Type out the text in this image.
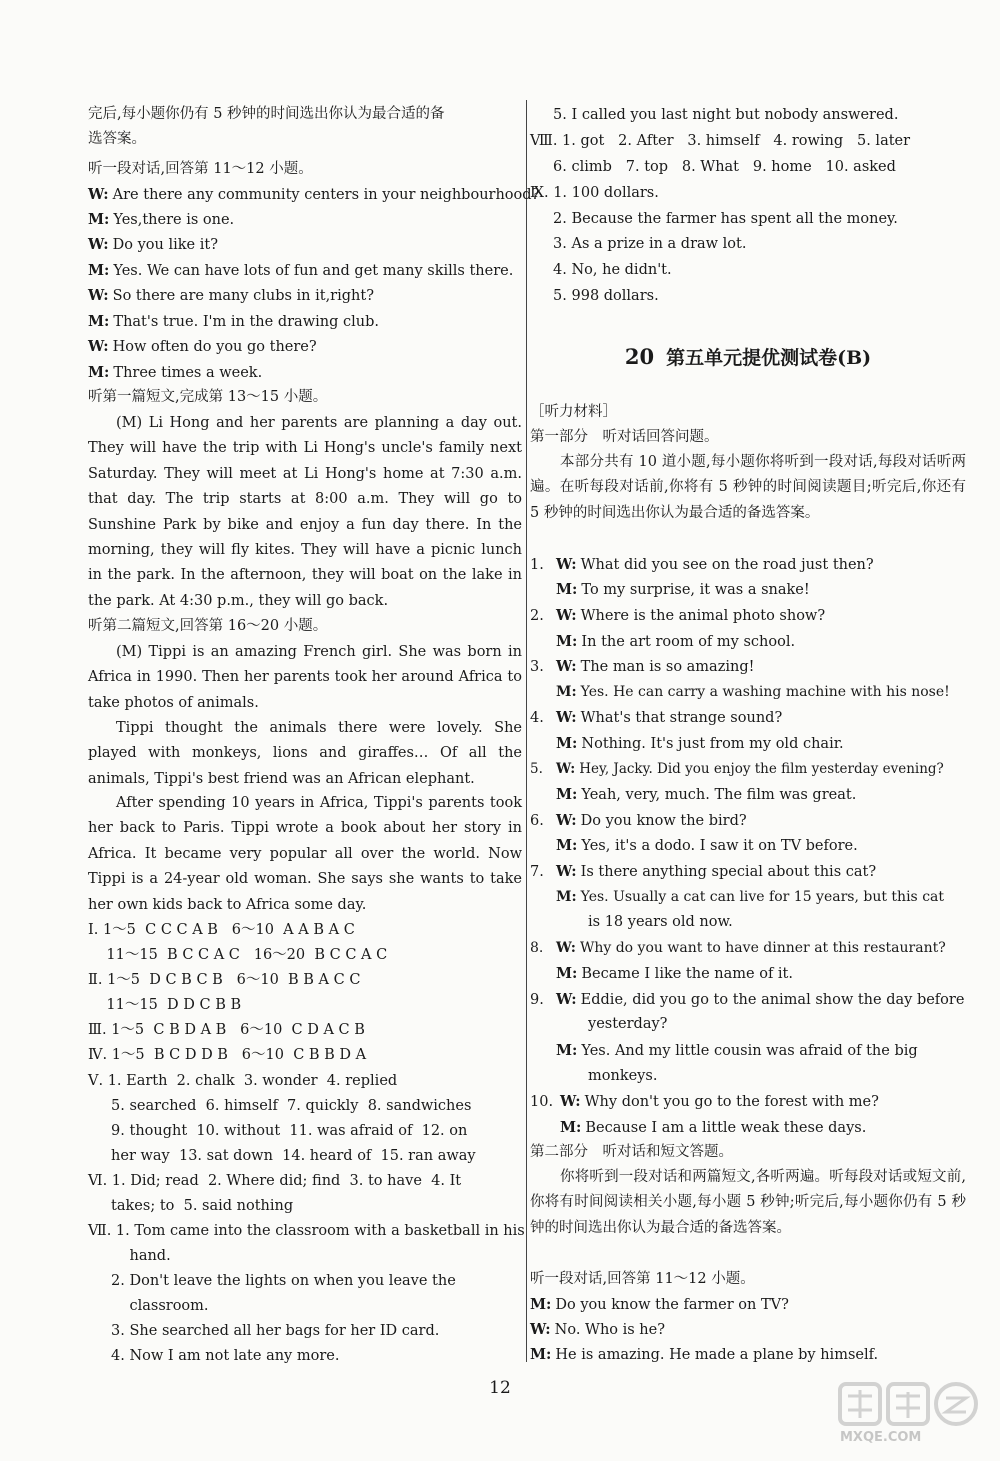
完后,每小题你仍有 5 秒钟的时间选出你认为最合适的备
选答案。
听一段对话,回答第 11～12 小题。
W: Are there any community centers in your neighbourhood?
M: Yes,there is one.
W: Do you like it?
M: Yes. We can have lots of fun and get many skills there.
W: So there are many clubs in it,right?
M: That's true. I'm in the drawing club.
W: How often do you go there?
M: Three times a week.
听第一篇短文,完成第 13～15 小题。
(M) Li Hong and her parents are planning a day out. They will have the trip with Li Hong's uncle's family next Saturday. They will meet at Li Hong's home at 7:30 a.m. that day. The trip starts at 8:00 a.m. They will go to Sunshine Park by bike and enjoy a fun day there. In the morning, they will fly kites. They will have a picnic lunch in the park. In the afternoon, they will boat on the lake in the park. At 4:30 p.m., they will go back.
听第二篇短文,回答第 16～20 小题。
(M) Tippi is an amazing French girl. She was born in Africa in 1990. Then her parents took her around Africa to take photos of animals.
Tippi thought the animals there were lovely. She played with monkeys, lions and giraffes… Of all the animals, Tippi's best friend was an African elephant.
After spending 10 years in Africa, Tippi's parents took her back to Paris. Tippi wrote a book about her story in Africa. It became very popular all over the world. Now Tippi is a 24-year old woman. She says she wants to take her own kids back to Africa some day.
Ⅰ. 1～5  C C C A B   6～10  A A B A C
11～15  B C C A C   16～20  B C C A C
Ⅱ. 1～5  D C B C B   6～10  B B A C C
11～15  D D C B B
Ⅲ. 1～5  C B D A B   6～10  C D A C B
Ⅳ. 1～5  B C D D B   6～10  C B B D A
Ⅴ. 1. Earth  2. chalk  3. wonder  4. replied
5. searched  6. himself  7. quickly  8. sandwiches
9. thought  10. without  11. was afraid of  12. on
her way  13. sat down  14. heard of  15. ran away
Ⅵ. 1. Did; read  2. Where did; find  3. to have  4. It
takes; to  5. said nothing
Ⅶ. 1. Tom came into the classroom with a basketball in his
hand.
2. Don't leave the lights on when you leave the
classroom.
3. She searched all her bags for her ID card.
4. Now I am not late any more.
5. I called you last night but nobody answered.
Ⅷ. 1. got   2. After   3. himself   4. rowing   5. later
6. climb   7. top   8. What   9. home   10. asked
Ⅸ. 1. 100 dollars.
2. Because the farmer has spent all the money.
3. As a prize in a draw lot.
4. No, he didn't.
5. 998 dollars.
20 第五单元提优测试卷(B)
［听力材料］
第一部分　听对话回答问题。
本部分共有 10 道小题,每小题你将听到一段对话,每段对话听两遍。在听每段对话前,你将有 5 秒钟的时间阅读题目;听完后,你还有 5 秒钟的时间选出你认为最合适的备选答案。
1. W: What did you see on the road just then?
M: To my surprise, it was a snake!
2. W: Where is the animal photo show?
M: In the art room of my school.
3. W: The man is so amazing!
M: Yes. He can carry a washing machine with his nose!
4. W: What's that strange sound?
M: Nothing. It's just from my old chair.
5. W: Hey, Jacky. Did you enjoy the film yesterday evening?
M: Yeah, very, much. The film was great.
6. W: Do you know the bird?
M: Yes, it's a dodo. I saw it on TV before.
7. W: Is there anything special about this cat?
M: Yes. Usually a cat can live for 15 years, but this cat
is 18 years old now.
8. W: Why do you want to have dinner at this restaurant?
M: Became I like the name of it.
9. W: Eddie, did you go to the animal show the day before
yesterday?
M: Yes. And my little cousin was afraid of the big
monkeys.
10. W: Why don't you go to the forest with me?
M: Because I am a little weak these days.
第二部分　听对话和短文答题。
你将听到一段对话和两篇短文,各听两遍。听每段对话或短文前,你将有时间阅读相关小题,每小题 5 秒钟;听完后,每小题你仍有 5 秒钟的时间选出你认为最合适的备选答案。
听一段对话,回答第 11～12 小题。
M: Do you know the farmer on TV?
W: No. Who is he?
M: He is amazing. He made a plane by himself.
12
MXQE.COM
